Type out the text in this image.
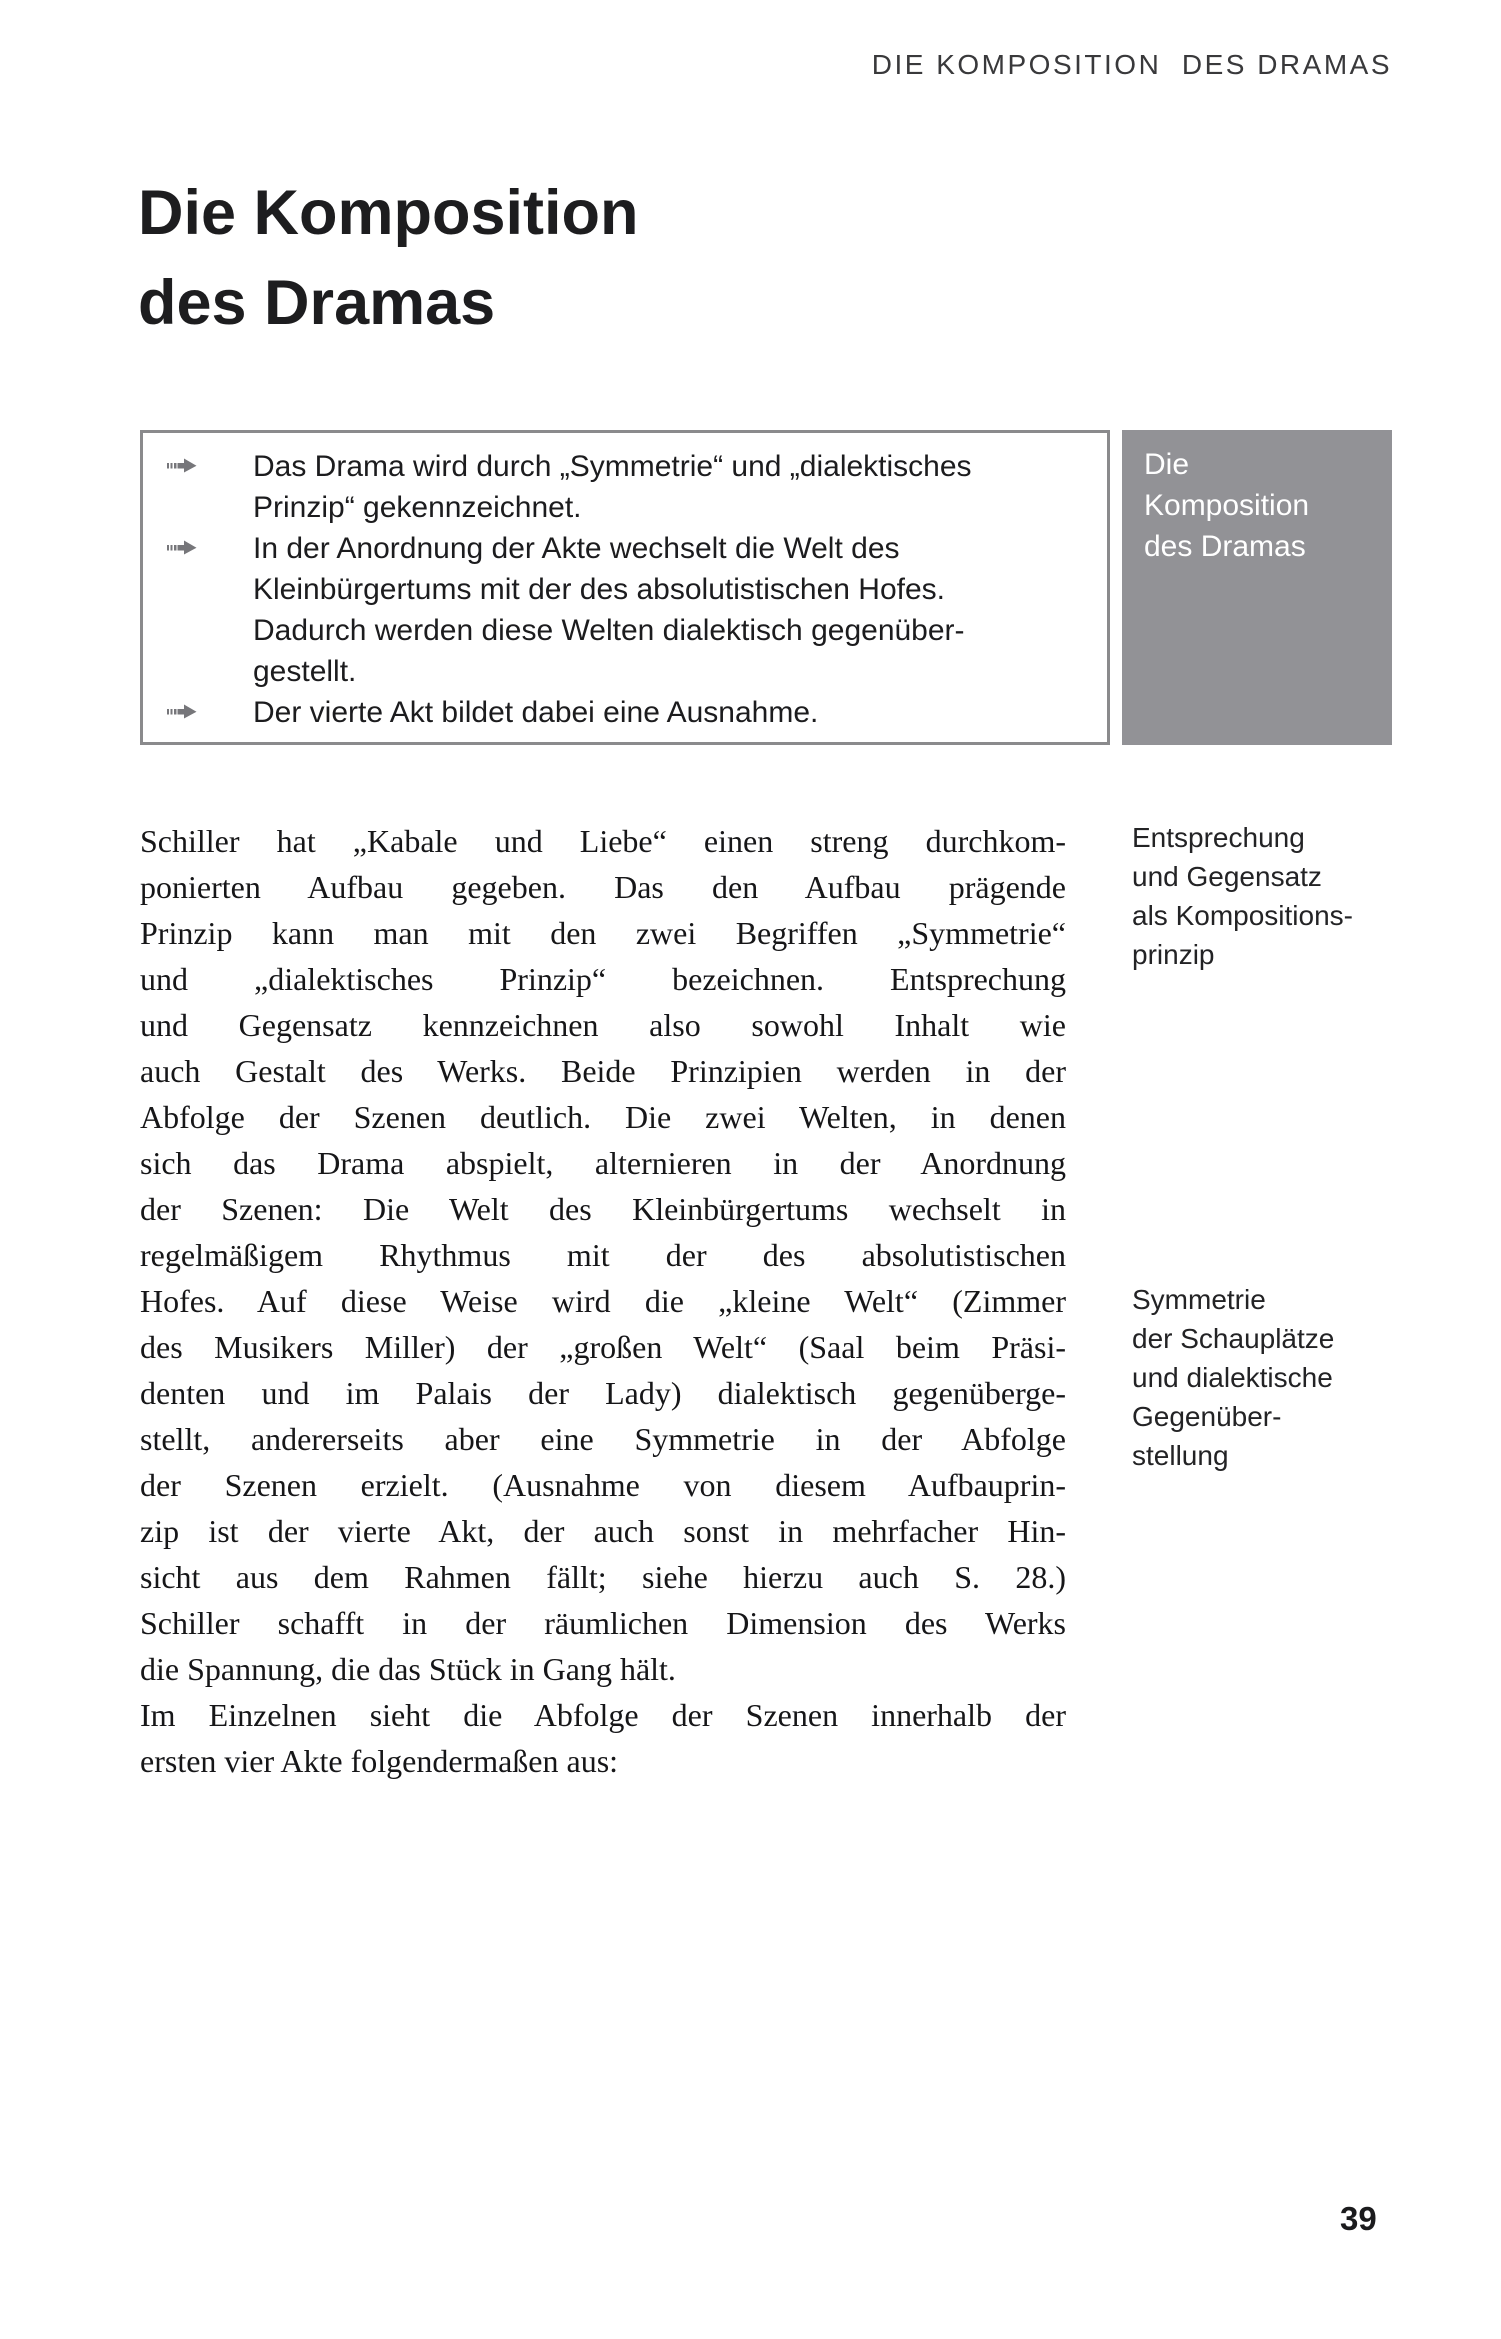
DIE KOMPOSITION  DES DRAMAS
Die Komposition
des Dramas
Das Drama wird durch „Symmetrie“ und „dialektisches
Prinzip“ gekennzeichnet.
In der Anordnung der Akte wechselt die Welt des
Kleinbürgertums mit der des absolutistischen Hofes.
Dadurch werden diese Welten dialektisch gegenüber-
gestellt.
Der vierte Akt bildet dabei eine Ausnahme.
Die
Komposition
des Dramas
Schiller hat „Kabale und Liebe“ einen streng durchkom-
ponierten Aufbau gegeben. Das den Aufbau prägende
Prinzip kann man mit den zwei Begriffen „Symmetrie“
und „dialektisches Prinzip“ bezeichnen. Entsprechung
und Gegensatz kennzeichnen also sowohl Inhalt wie
auch Gestalt des Werks. Beide Prinzipien werden in der
Abfolge der Szenen deutlich. Die zwei Welten, in denen
sich das Drama abspielt, alternieren in der Anordnung
der Szenen: Die Welt des Kleinbürgertums wechselt in
regelmäßigem Rhythmus mit der des absolutistischen
Hofes. Auf diese Weise wird die „kleine Welt“ (Zimmer
des Musikers Miller) der „großen Welt“ (Saal beim Präsi-
denten und im Palais der Lady) dialektisch gegenüberge-
stellt, andererseits aber eine Symmetrie in der Abfolge
der Szenen erzielt. (Ausnahme von diesem Aufbauprin-
zip ist der vierte Akt, der auch sonst in mehrfacher Hin-
sicht aus dem Rahmen fällt; siehe hierzu auch S. 28.)
Schiller schafft in der räumlichen Dimension des Werks
die Spannung, die das Stück in Gang hält.
Im Einzelnen sieht die Abfolge der Szenen innerhalb der
ersten vier Akte folgendermaßen aus:
Entsprechung
und Gegensatz
als Kompositions-
prinzip
Symmetrie
der Schauplätze
und dialektische
Gegenüber-
stellung
39
